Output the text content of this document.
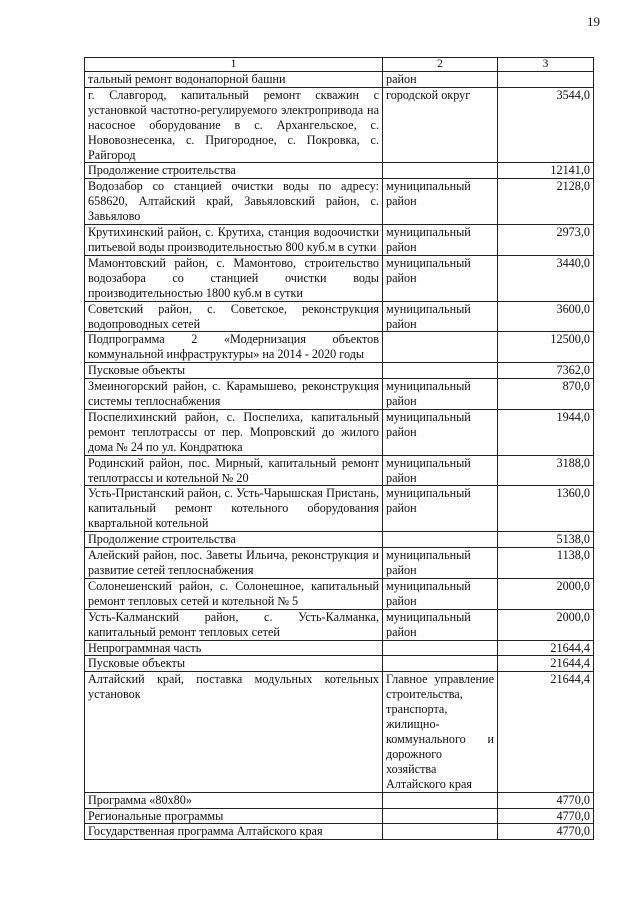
19
1	2	3
тальный ремонт водонапорной башни	район	
г. Славгород, капитальный ремонт скважин с установкой частотно-регулируемого электропривода на насосное оборудование в с. Архангельское, с. Нововознесенка, с. Пригородное, с. Покровка, с. Райгород	городской округ	3544,0
Продолжение строительства		12141,0
Водозабор со станцией очистки воды по адресу: 658620, Алтайский край, Завьяловский район, с. Завьялово	муниципальный район	2128,0
Крутихинский район, с. Крутиха, станция водоочистки питьевой воды производительностью 800 куб.м в сутки	муниципальный район	2973,0
Мамонтовский район, с. Мамонтово, строительство водозабора со станцией очистки воды производительностью 1800 куб.м в сутки	муниципальный район	3440,0
Советский район, с. Советское, реконструкция водопроводных сетей	муниципальный район	3600,0
Подпрограмма 2 «Модернизация объектов коммунальной инфраструктуры» на 2014 - 2020 годы		12500,0
Пусковые объекты		7362,0
Змеиногорский район, с. Карамышево, реконструкция системы теплоснабжения	муниципальный район	870,0
Поспелихинский район, с. Поспелиха, капитальный ремонт теплотрассы от пер. Мопровский до жилого дома № 24 по ул. Кондратюка	муниципальный район	1944,0
Родинский район, пос. Мирный, капитальный ремонт теплотрассы и котельной № 20	муниципальный район	3188,0
Усть-Пристанский район, с. Усть-Чарышская Пристань, капитальный ремонт котельного оборудования квартальной котельной	муниципальный район	1360,0
Продолжение строительства		5138,0
Алейский район, пос. Заветы Ильича, реконструкция и развитие сетей теплоснабжения	муниципальный район	1138,0
Солонешенский район, с. Солонешное, капитальный ремонт тепловых сетей и котельной № 5	муниципальный район	2000,0
Усть-Калманский район, с. Усть-Калманка, капитальный ремонт тепловых сетей	муниципальный район	2000,0
Непрограммная часть		21644,4
Пусковые объекты		21644,4
Алтайский край, поставка модульных котельных установок	Главное управление строительства, транспорта, жилищно-коммунального и дорожного хозяйства Алтайского края	21644,4
Программа «80х80»		4770,0
Региональные программы		4770,0
Государственная программа Алтайского края		4770,0
